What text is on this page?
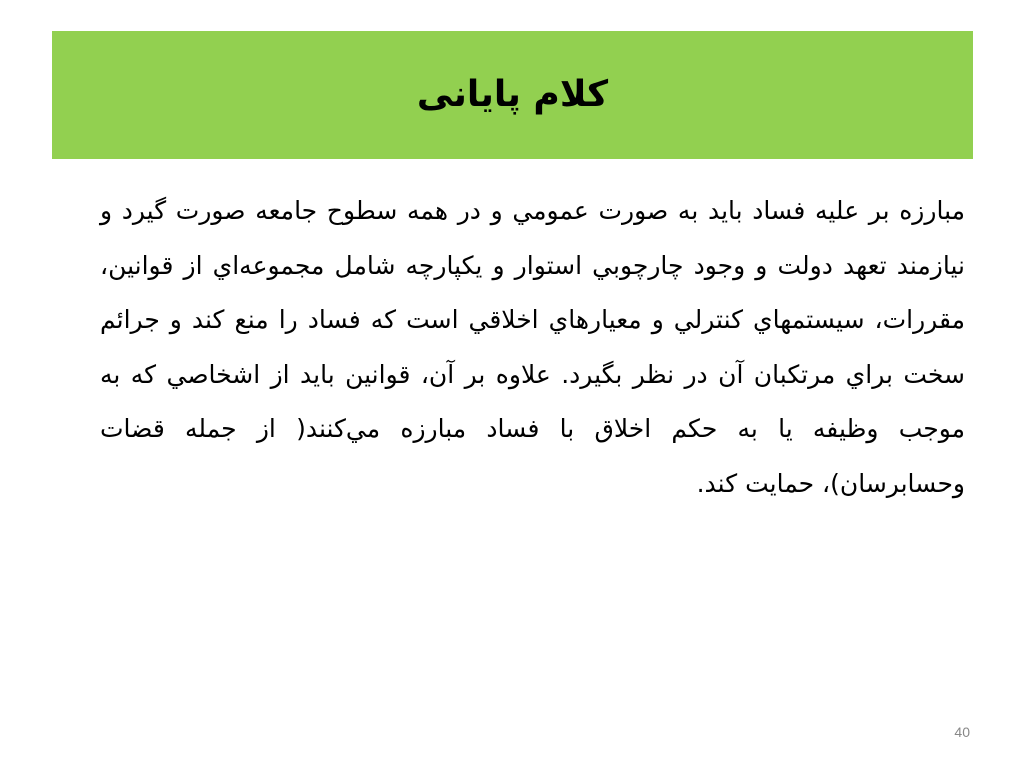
کلام پایانی

مبارزه بر علیه فساد باید به صورت عمومي و در همه سطوح جامعه صورت گیرد و نیازمند تعهد دولت و وجود چارچوبي استوار و یکپارچه شامل مجموعه‌اي از قوانین، مقررات، سیستمهاي کنترلي و معیارهاي اخلاقي است که فساد را منع کند و جرائم سخت براي مرتکبان آن در نظر بگیرد. علاوه بر آن، قوانین باید از اشخاصي که به موجب وظیفه یا به حکم اخلاق با فساد مبارزه مي‌کنند( از جمله قضات وحسابرسان)، حمایت کند.

40
